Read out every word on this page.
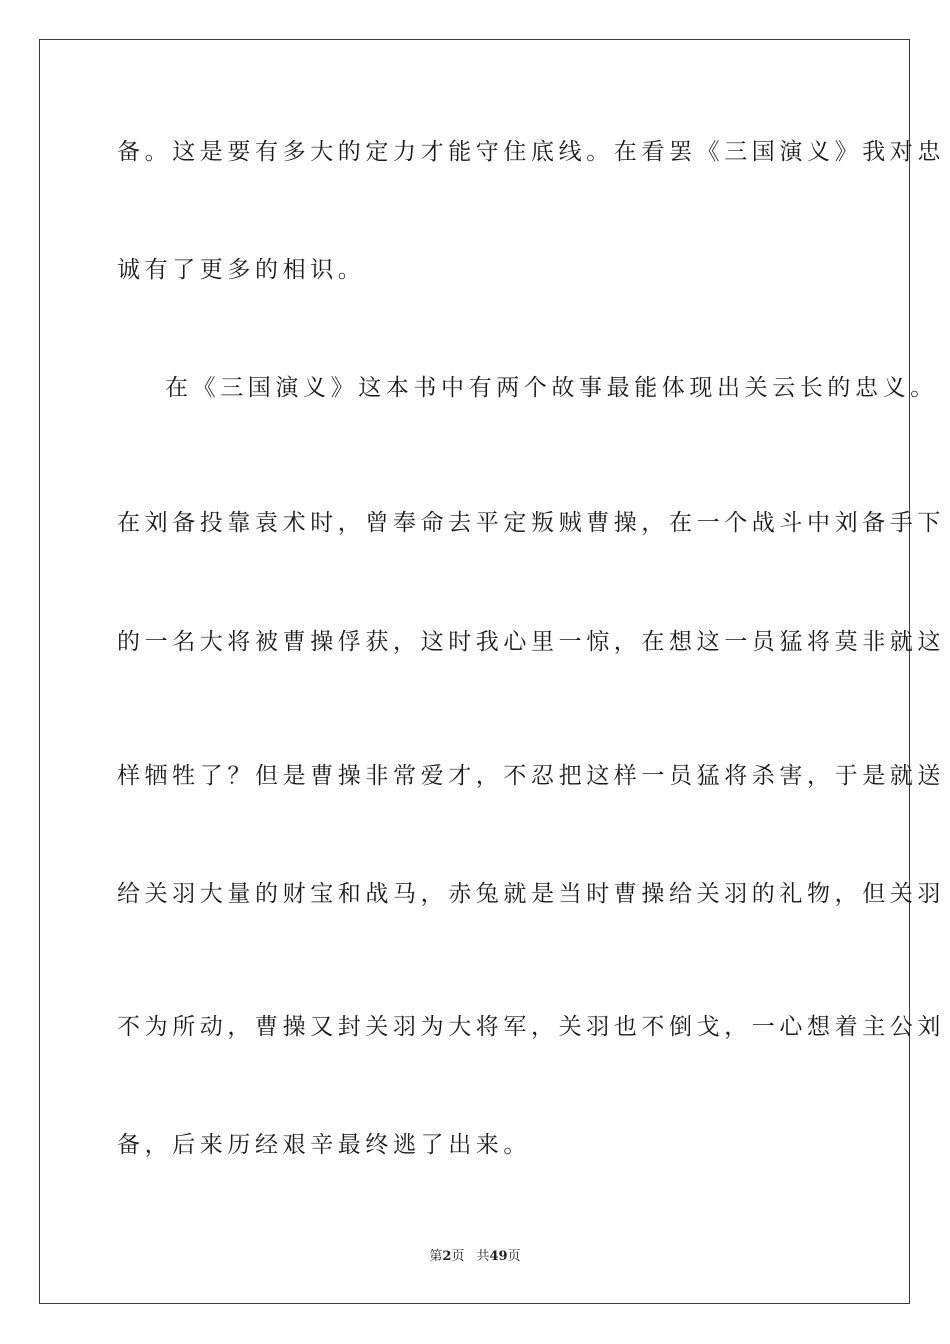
备。这是要有多大的定力才能守住底线。在看罢《三国演义》我对忠
诚有了更多的相识。
在《三国演义》这本书中有两个故事最能体现出关云长的忠义。
在刘备投靠袁术时，曾奉命去平定叛贼曹操，在一个战斗中刘备手下
的一名大将被曹操俘获，这时我心里一惊，在想这一员猛将莫非就这
样牺牲了？但是曹操非常爱才，不忍把这样一员猛将杀害，于是就送
给关羽大量的财宝和战马，赤兔就是当时曹操给关羽的礼物，但关羽
不为所动，曹操又封关羽为大将军，关羽也不倒戈，一心想着主公刘
备，后来历经艰辛最终逃了出来。
第2页 共49页
